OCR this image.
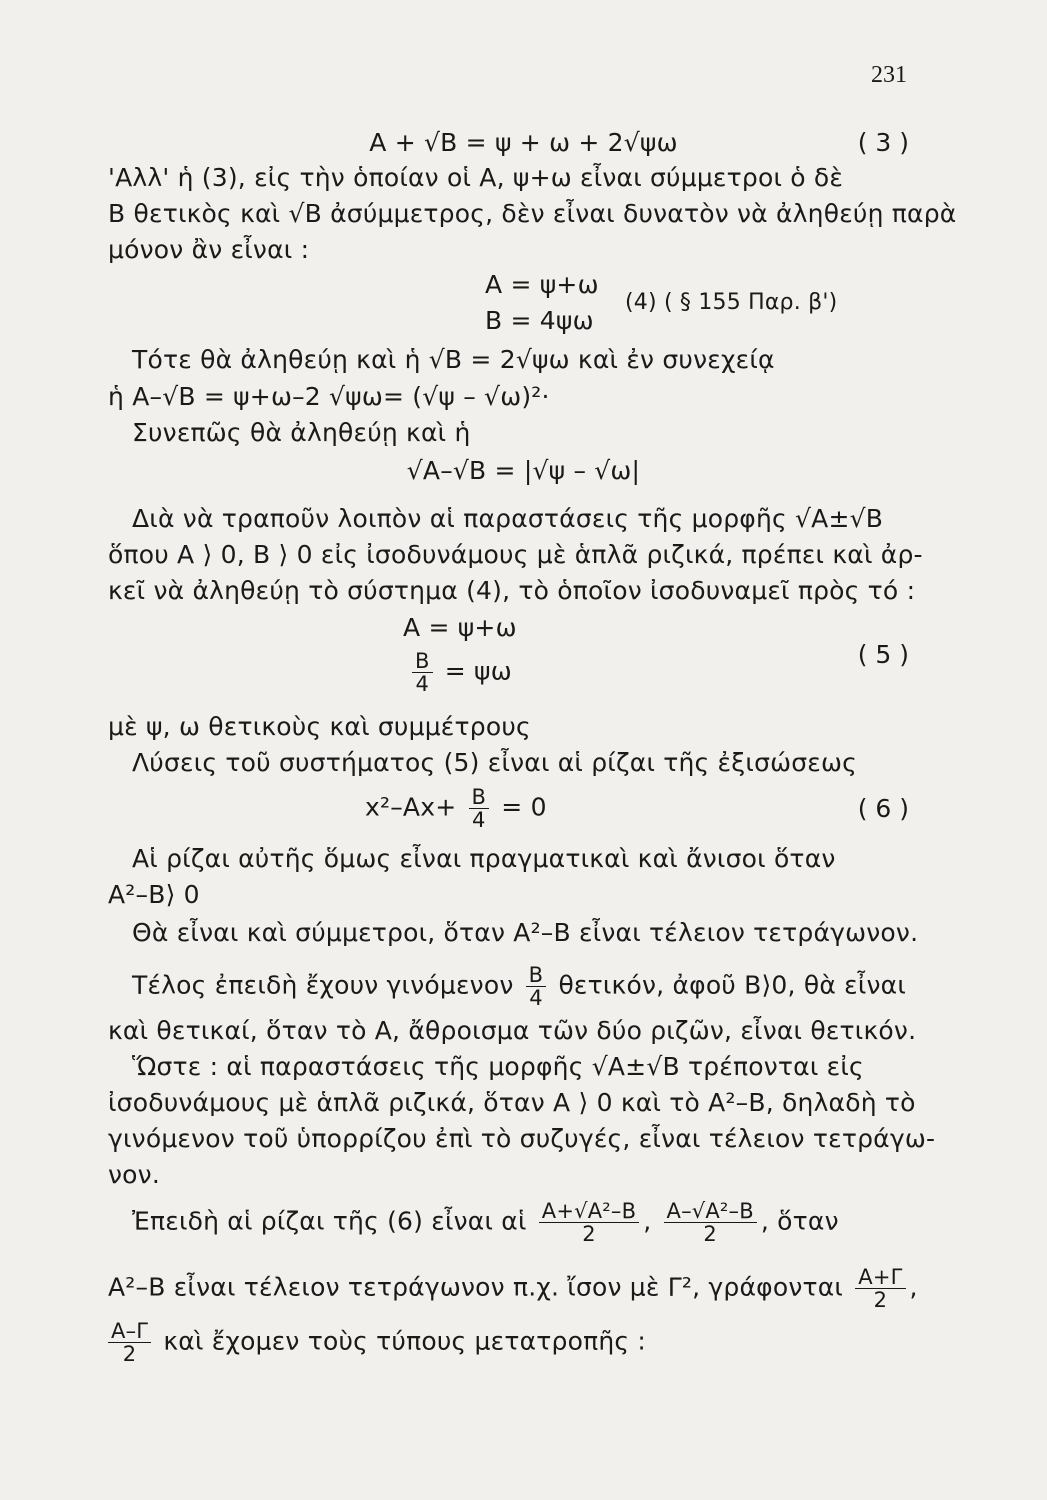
231
A + √B = ψ + ω + 2√ψω	( 3 )
'Αλλ' ἡ (3), εἰς τὴν ὁποίαν οἱ Α, ψ+ω εἶναι σύμμετροι ὁ δὲ
Β θετικὸς καὶ √Β ἀσύμμετρος, δὲν εἶναι δυνατὸν νὰ ἀληθεύῃ παρὰ
μόνον ἂν εἶναι :
A = ψ+ω
B = 4ψω
(4) ( § 155 Παρ. β')
Τότε θὰ ἀληθεύῃ καὶ ἡ √Β = 2√ψω καὶ ἐν συνεχείᾳ
ἡ Α–√Β = ψ+ω–2 √ψω= (√ψ – √ω)²·
Συνεπῶς θὰ ἀληθεύῃ καὶ ἡ
√Α–√Β = |√ψ – √ω|
Διὰ νὰ τραποῦν λοιπὸν αἱ παραστάσεις τῆς μορφῆς √Α±√Β
ὅπου Α ⟩ 0, Β ⟩ 0 εἰς ἰσοδυνάμους μὲ ἁπλᾶ ριζικά, πρέπει καὶ ἀρ-
κεῖ νὰ ἀληθεύῃ τὸ σύστημα (4), τὸ ὁποῖον ἰσοδυναμεῖ πρὸς τό :
A = ψ+ω
$\frac{B}{4} = \psi\omega$
( 5 )
μὲ ψ, ω θετικοὺς καὶ συμμέτρους
Λύσεις τοῦ συστήματος (5) εἶναι αἱ ρίζαι τῆς ἐξισώσεως
$x^2-Ax+ \frac{B}{4} = 0$	( 6 )
Αἱ ρίζαι αὐτῆς ὅμως εἶναι πραγματικαὶ καὶ ἄνισοι ὅταν
Α²–Β⟩ 0
Θὰ εἶναι καὶ σύμμετροι, ὅταν Α²–Β εἶναι τέλειον τετράγωνον.
Τέλος ἐπειδὴ ἔχουν γινόμενον $\frac{B}{4} \theta\varepsilon\tau\iota\kappa ό\nu$, ἀφοῦ Β⟩0, θὰ εἶναι
καὶ θετικαί, ὅταν τὸ Α, ἄθροισμα τῶν δύο ριζῶν, εἶναι θετικόν.
Ὥστε : αἱ παραστάσεις τῆς μορφῆς √Α±√Β τρέπονται εἰς
ἰσοδυνάμους μὲ ἁπλᾶ ριζικά, ὅταν Α ⟩ 0 καὶ τὸ Α²–Β, δηλαδὴ τὸ
γινόμενον τοῦ ὑπορρίζου ἐπὶ τὸ συζυγές, εἶναι τέλειον τετράγω-
νον.
Ἐπειδὴ αἱ ρίζαι τῆς (6) εἶναι αἱ $\frac{\text{Α+√Α²–Β}}{2}$ , $\frac{\text{Α–√Α²–Β}}{2}$ , ὅταν
Α²–Β εἶναι τέλειον τετράγωνον π.χ. ἴσον μὲ Γ², γράφονται $\frac{A+\Gamma}{2}$ ,
$\frac{A-\Gamma}{2}$ καὶ ἔχομεν τοὺς τύπους μετατροπῆς :
